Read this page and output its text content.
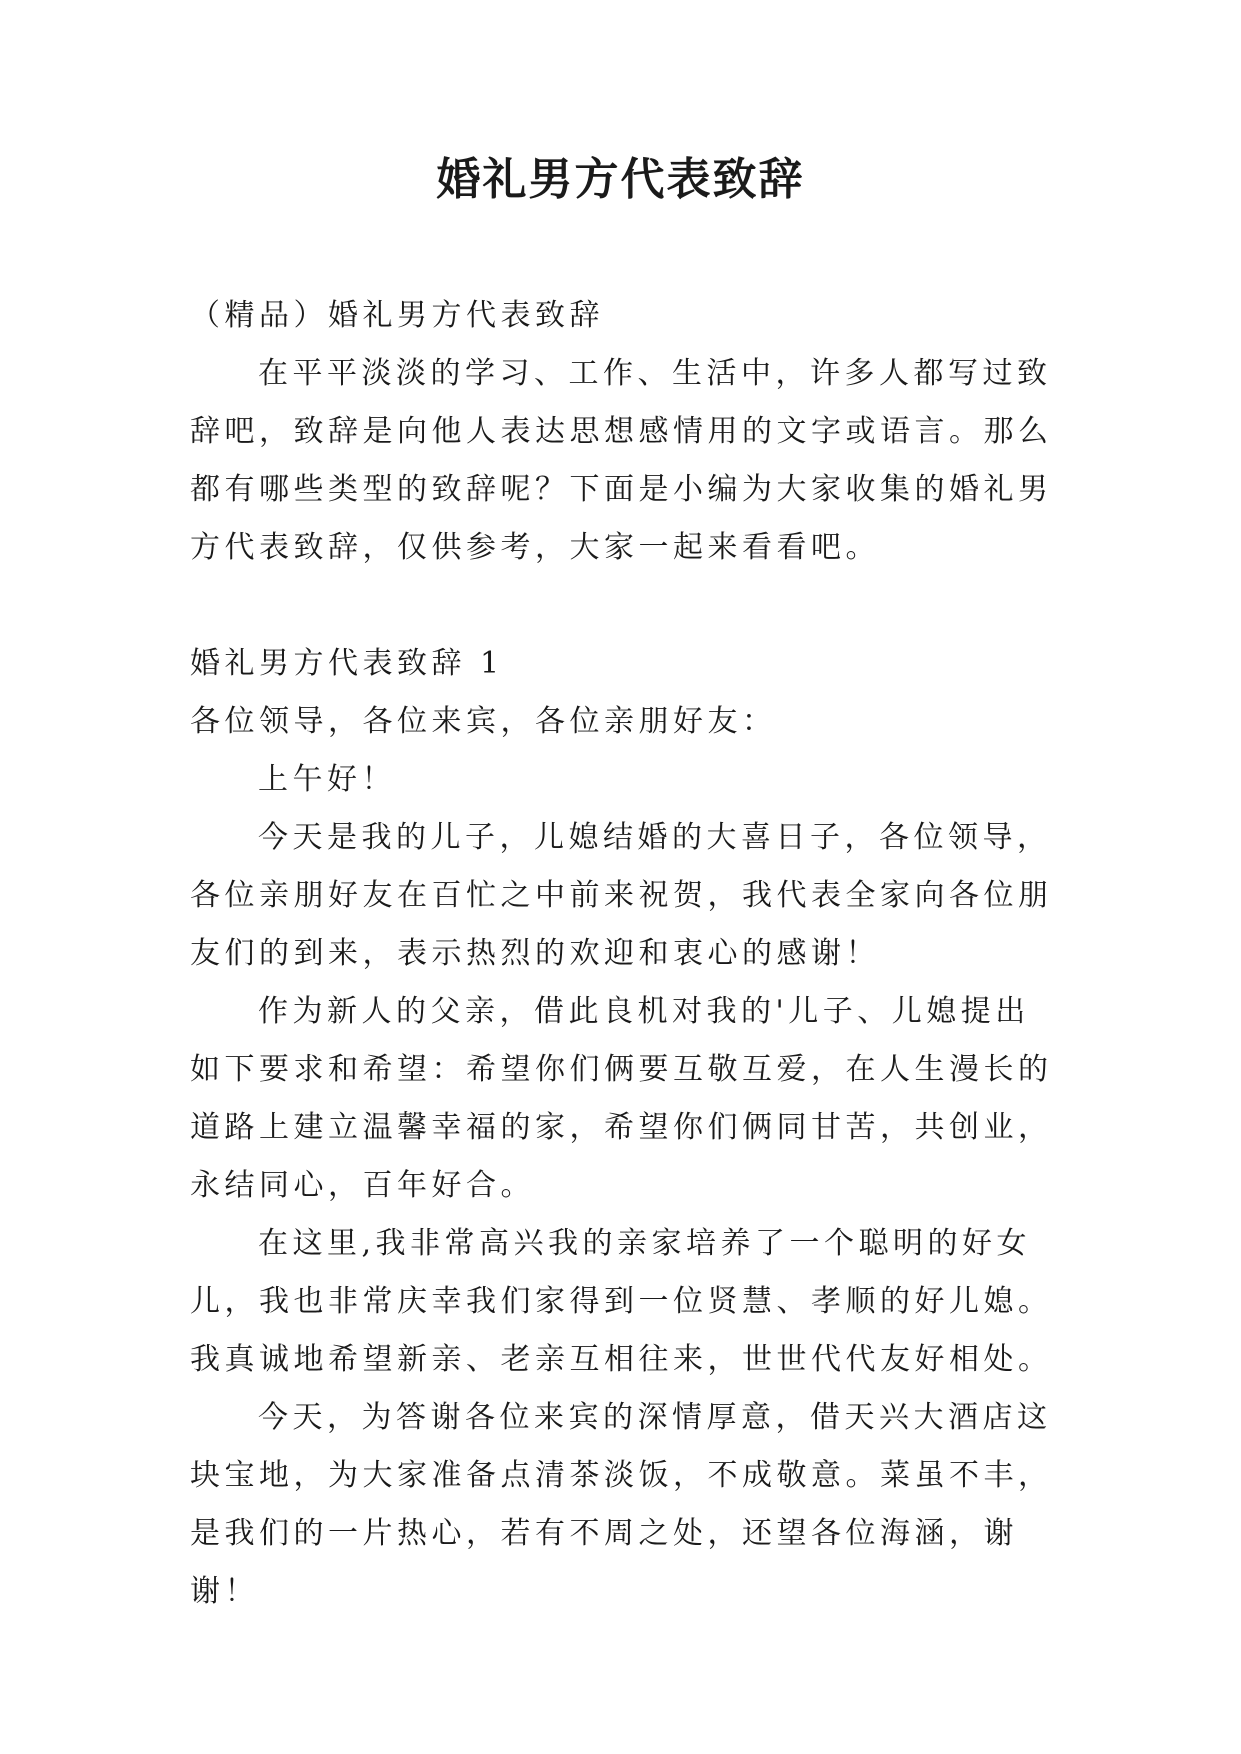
婚礼男方代表致辞

（精品）婚礼男方代表致辞

在平平淡淡的学习、工作、生活中，许多人都写过致辞吧，致辞是向他人表达思想感情用的文字或语言。那么都有哪些类型的致辞呢？下面是小编为大家收集的婚礼男方代表致辞，仅供参考，大家一起来看看吧。

婚礼男方代表致辞 1

各位领导，各位来宾，各位亲朋好友：

上午好！

今天是我的儿子，儿媳结婚的大喜日子，各位领导，各位亲朋好友在百忙之中前来祝贺，我代表全家向各位朋友们的到来，表示热烈的欢迎和衷心的感谢！

作为新人的父亲，借此良机对我的'儿子、儿媳提出如下要求和希望：希望你们俩要互敬互爱，在人生漫长的道路上建立温馨幸福的家，希望你们俩同甘苦，共创业，永结同心，百年好合。

在这里,我非常高兴我的亲家培养了一个聪明的好女儿，我也非常庆幸我们家得到一位贤慧、孝顺的好儿媳。我真诚地希望新亲、老亲互相往来，世世代代友好相处。

今天，为答谢各位来宾的深情厚意，借天兴大酒店这块宝地，为大家准备点清茶淡饭，不成敬意。菜虽不丰，是我们的一片热心，若有不周之处，还望各位海涵，谢谢！
